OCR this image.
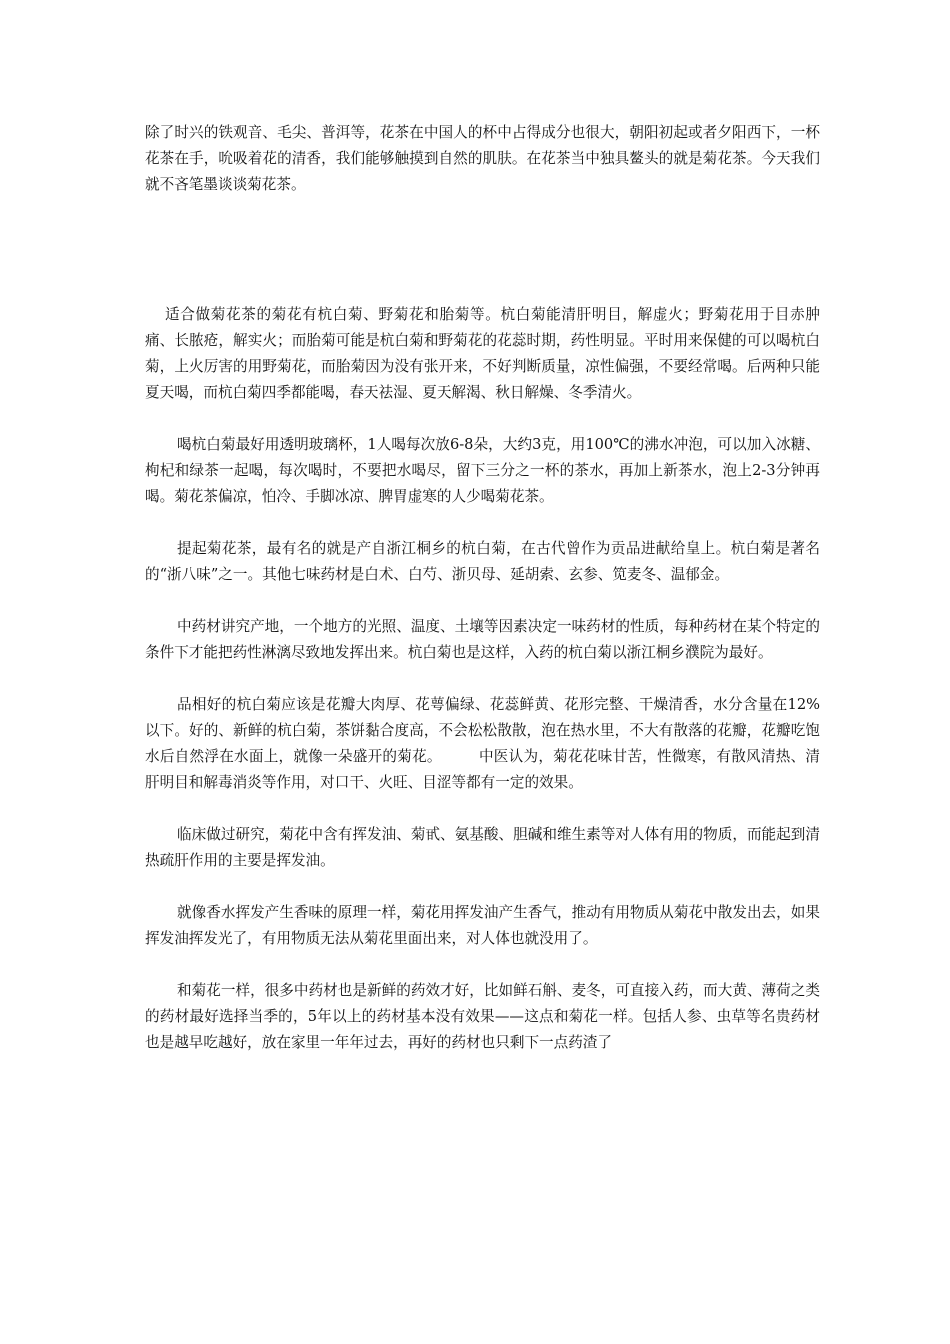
除了时兴的铁观音、毛尖、普洱等，花茶在中国人的杯中占得成分也很大，朝阳初起或者夕阳西下，一杯花茶在手，吮吸着花的清香，我们能够触摸到自然的肌肤。在花茶当中独具鳌头的就是菊花茶。今天我们就不吝笔墨谈谈菊花茶。

适合做菊花茶的菊花有杭白菊、野菊花和胎菊等。杭白菊能清肝明目，解虚火；野菊花用于目赤肿痛、长脓疮，解实火；而胎菊可能是杭白菊和野菊花的花蕊时期，药性明显。平时用来保健的可以喝杭白菊，上火厉害的用野菊花，而胎菊因为没有张开来，不好判断质量，凉性偏强，不要经常喝。后两种只能夏天喝，而杭白菊四季都能喝，春天祛湿、夏天解渴、秋日解燥、冬季清火。

喝杭白菊最好用透明玻璃杯，1人喝每次放6-8朵，大约3克，用100℃的沸水冲泡，可以加入冰糖、枸杞和绿茶一起喝，每次喝时，不要把水喝尽，留下三分之一杯的茶水，再加上新茶水，泡上2-3分钟再喝。菊花茶偏凉，怕冷、手脚冰凉、脾胃虚寒的人少喝菊花茶。

提起菊花茶，最有名的就是产自浙江桐乡的杭白菊，在古代曾作为贡品进献给皇上。杭白菊是著名的“浙八味”之一。其他七味药材是白术、白芍、浙贝母、延胡索、玄参、笕麦冬、温郁金。

中药材讲究产地，一个地方的光照、温度、土壤等因素决定一味药材的性质，每种药材在某个特定的条件下才能把药性淋漓尽致地发挥出来。杭白菊也是这样，入药的杭白菊以浙江桐乡濮院为最好。

品相好的杭白菊应该是花瓣大肉厚、花萼偏绿、花蕊鲜黄、花形完整、干燥清香，水分含量在12%以下。好的、新鲜的杭白菊，茶饼黏合度高，不会松松散散，泡在热水里，不大有散落的花瓣，花瓣吃饱水后自然浮在水面上，就像一朵盛开的菊花。　　　中医认为，菊花花味甘苦，性微寒，有散风清热、清肝明目和解毒消炎等作用，对口干、火旺、目涩等都有一定的效果。

临床做过研究，菊花中含有挥发油、菊甙、氨基酸、胆碱和维生素等对人体有用的物质，而能起到清热疏肝作用的主要是挥发油。

就像香水挥发产生香味的原理一样，菊花用挥发油产生香气，推动有用物质从菊花中散发出去，如果挥发油挥发光了，有用物质无法从菊花里面出来，对人体也就没用了。

和菊花一样，很多中药材也是新鲜的药效才好，比如鲜石斛、麦冬，可直接入药，而大黄、薄荷之类的药材最好选择当季的，5年以上的药材基本没有效果——这点和菊花一样。包括人参、虫草等名贵药材也是越早吃越好，放在家里一年年过去，再好的药材也只剩下一点药渣了
